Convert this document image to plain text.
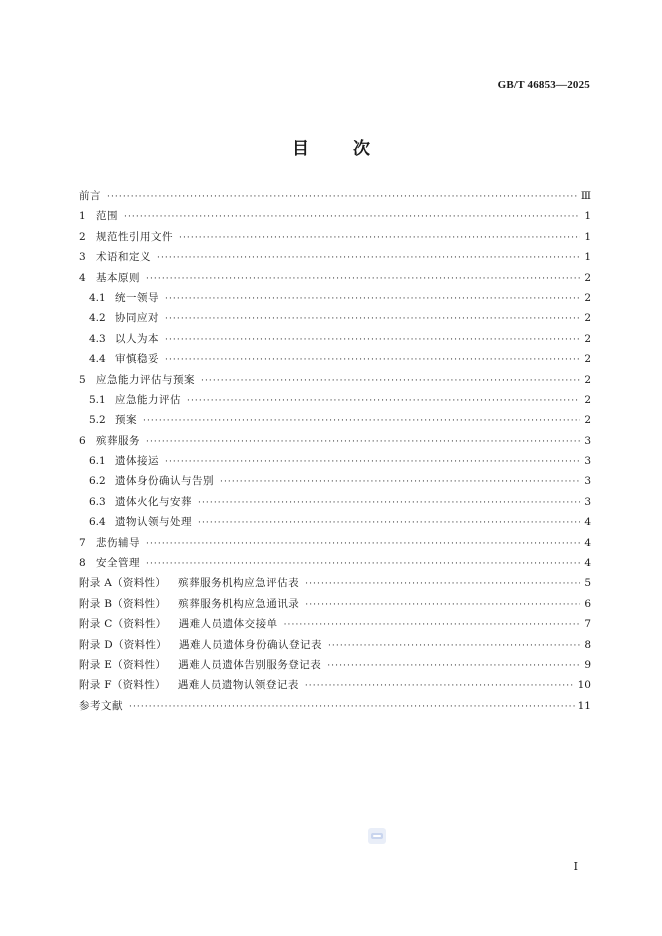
GB/T 46853—2025
目	次
前言 ·····	Ⅲ
1 范围 ·····	1
2 规范性引用文件 ·····	1
3 术语和定义 ·····	1
4 基本原则 ·····	2
4.1 统一领导 ·····	2
4.2 协同应对 ·····	2
4.3 以人为本 ·····	2
4.4 审慎稳妥 ·····	2
5 应急能力评估与预案 ·····	2
5.1 应急能力评估 ·····	2
5.2 预案 ·····	2
6 殡葬服务 ·····	3
6.1 遗体接运 ·····	3
6.2 遗体身份确认与告别 ·····	3
6.3 遗体火化与安葬 ·····	3
6.4 遗物认领与处理 ·····	4
7 悲伤辅导 ·····	4
8 安全管理 ·····	4
附录 A（资料性） 殡葬服务机构应急评估表 ·····	5
附录 B（资料性） 殡葬服务机构应急通讯录 ·····	6
附录 C（资料性） 遇难人员遗体交接单 ·····	7
附录 D（资料性） 遇难人员遗体身份确认登记表 ·····	8
附录 E（资料性） 遇难人员遗体告别服务登记表 ·····	9
附录 F（资料性） 遇难人员遗物认领登记表 ·····	10
参考文献 ·····	11
I
